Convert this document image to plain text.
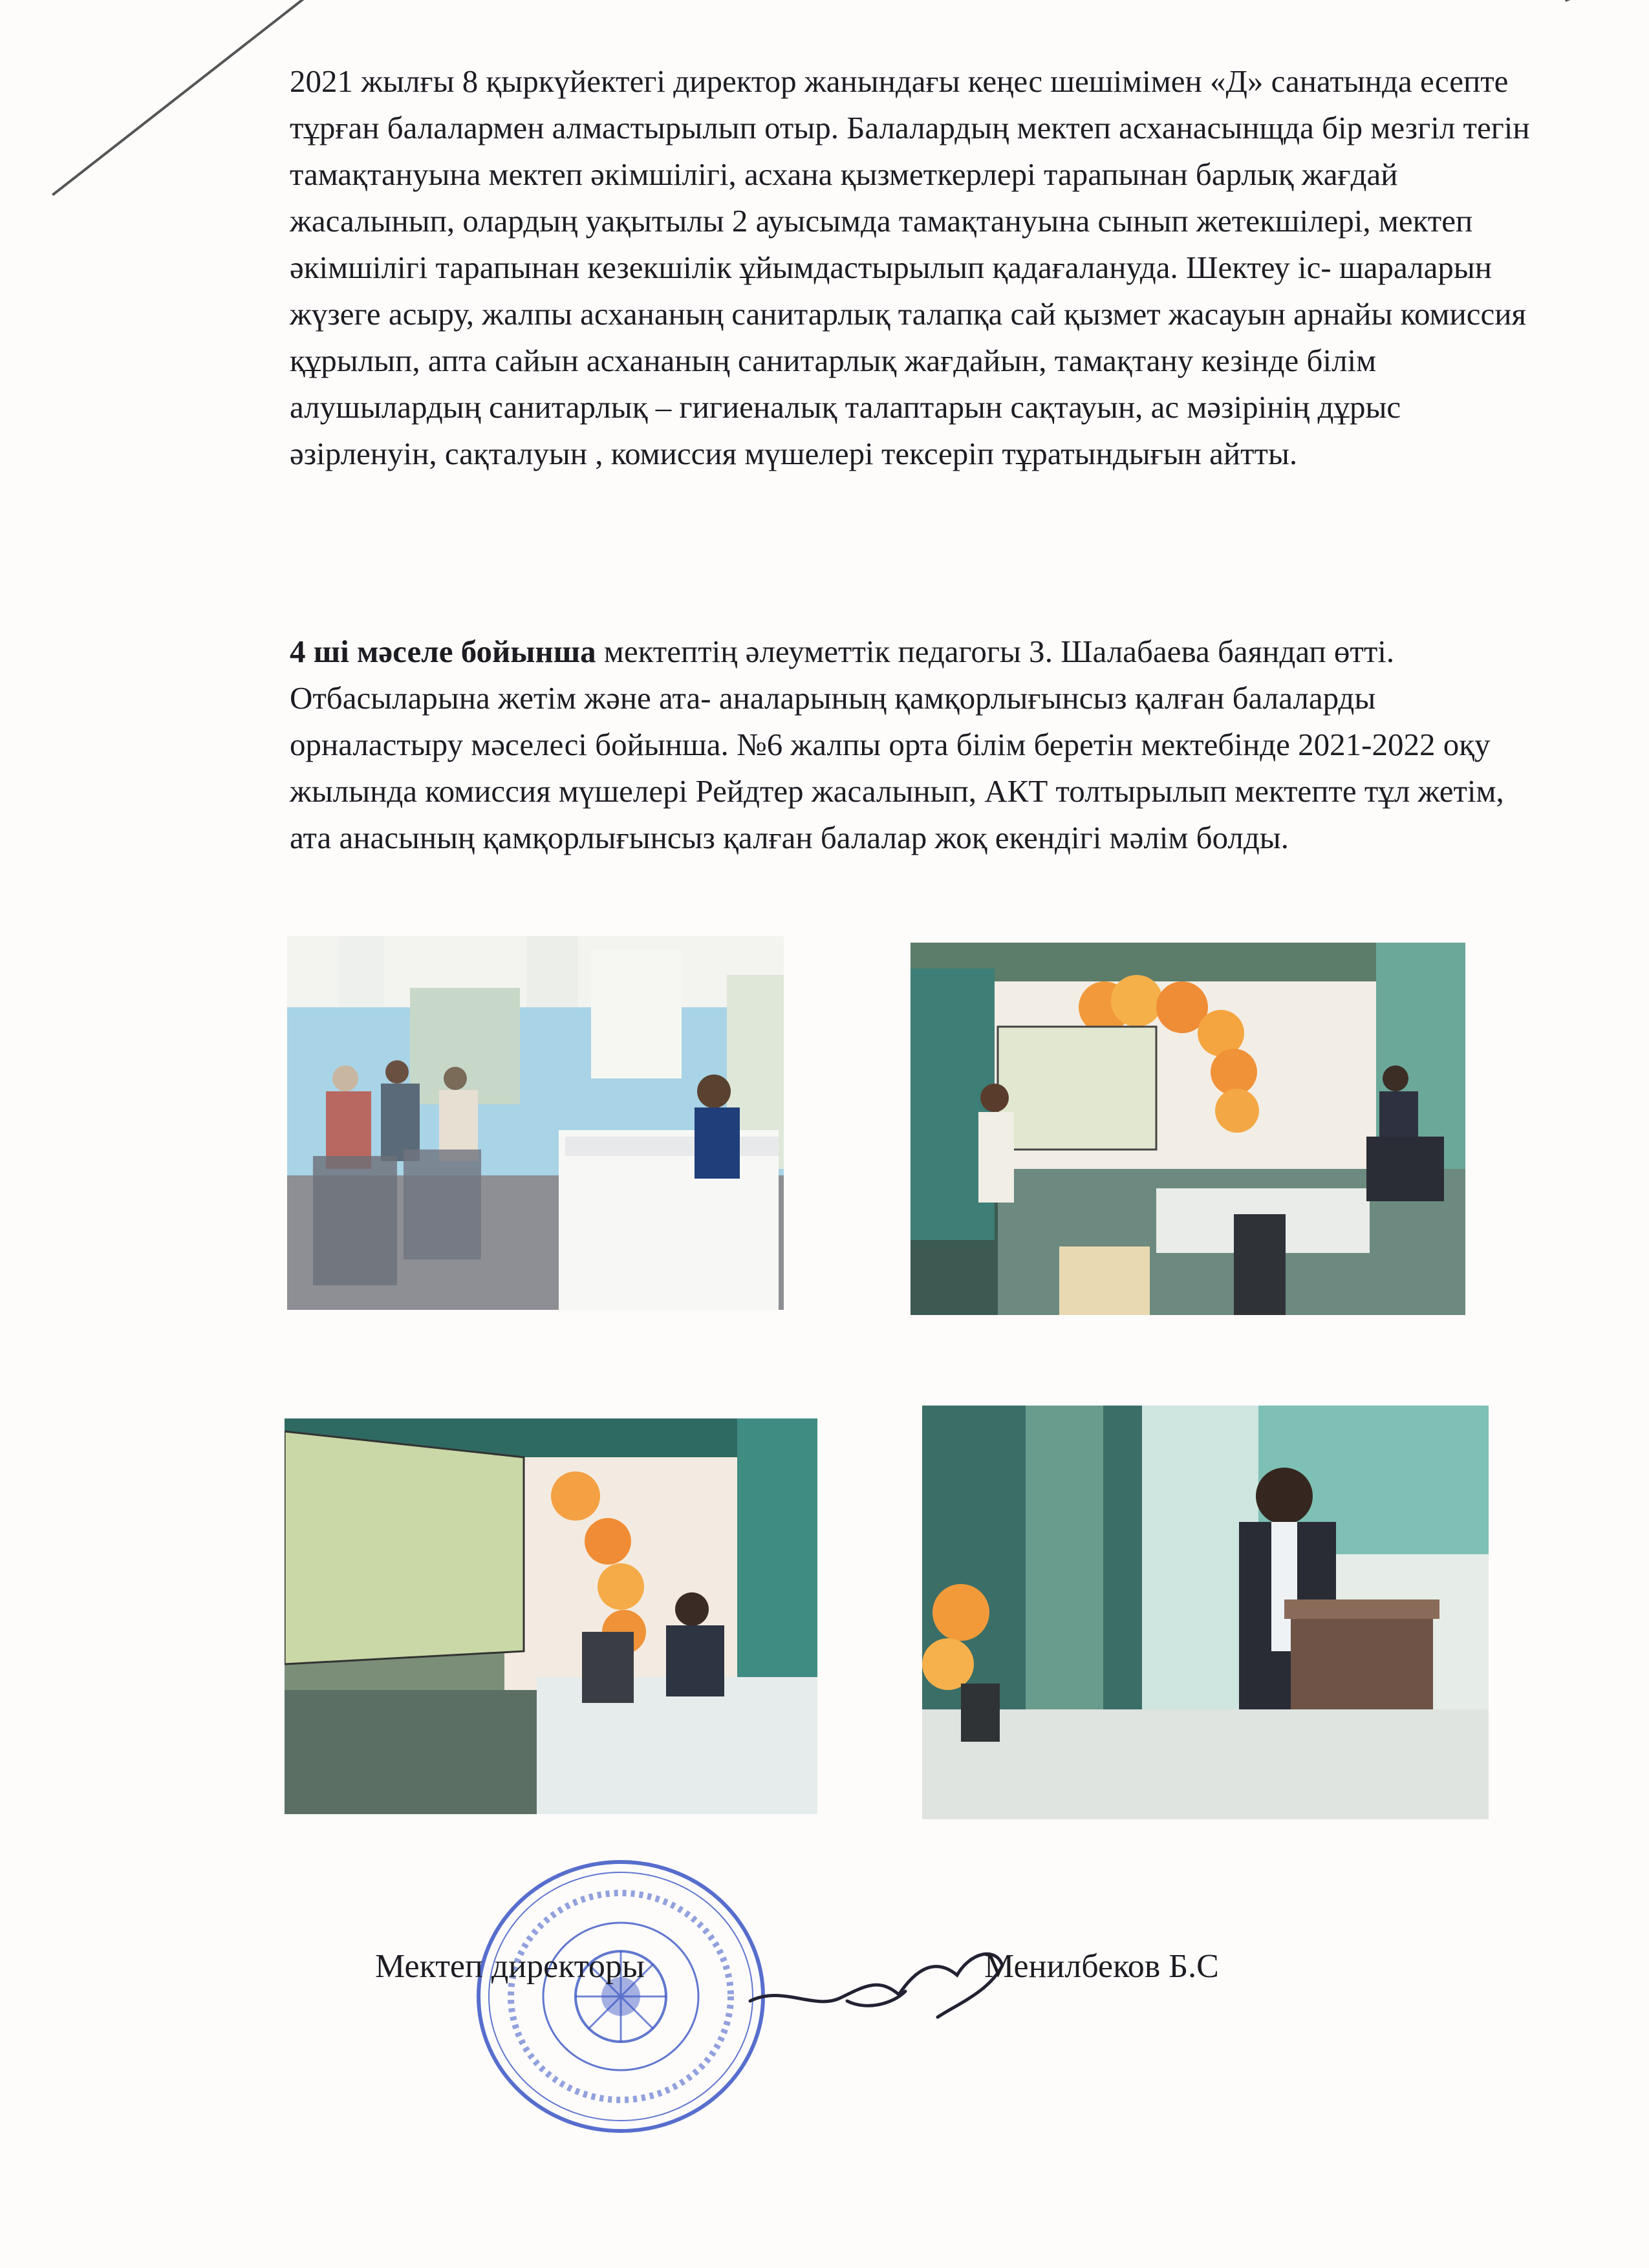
2021 жылғы 8 қыркүйектегі директор жанындағы кеңес шешімімен «Д» санатында есепте тұрған балалармен алмастырылып отыр. Балалардың мектеп асханасынщда бір мезгіл тегін тамақтануына мектеп әкімшілігі, асхана қызметкерлері тарапынан барлық жағдай жасалынып, олардың уақытылы 2 ауысымда тамақтануына сынып жетекшілері, мектеп әкімшілігі тарапынан кезекшілік ұйымдастырылып қадағалануда. Шектеу іс- шараларын жүзеге асыру, жалпы асхананың санитарлық талапқа сай қызмет жасауын арнайы комиссия құрылып, апта сайын асхананың санитарлық жағдайын, тамақтану кезінде білім алушылардың санитарлық – гигиеналық талаптарын сақтауын, ас мәзірінің дұрыс әзірленуін, сақталуын , комиссия мүшелері тексеріп тұратындығын айтты.

4 ші мәселе бойынша мектептің әлеуметтік педагогы З. Шалабаева баяндап өтті. Отбасыларына жетім және ата- аналарының қамқорлығынсыз қалған балаларды орналастыру мәселесі бойынша. №6 жалпы орта білім беретін мектебінде 2021-2022 оқу жылында комиссия мүшелері Рейдтер жасалынып, АКТ толтырылып мектепте тұл жетім, ата анасының қамқорлығынсыз қалған балалар жоқ екендігі мәлім болды.

Мектеп директоры	Менилбеков Б.С
